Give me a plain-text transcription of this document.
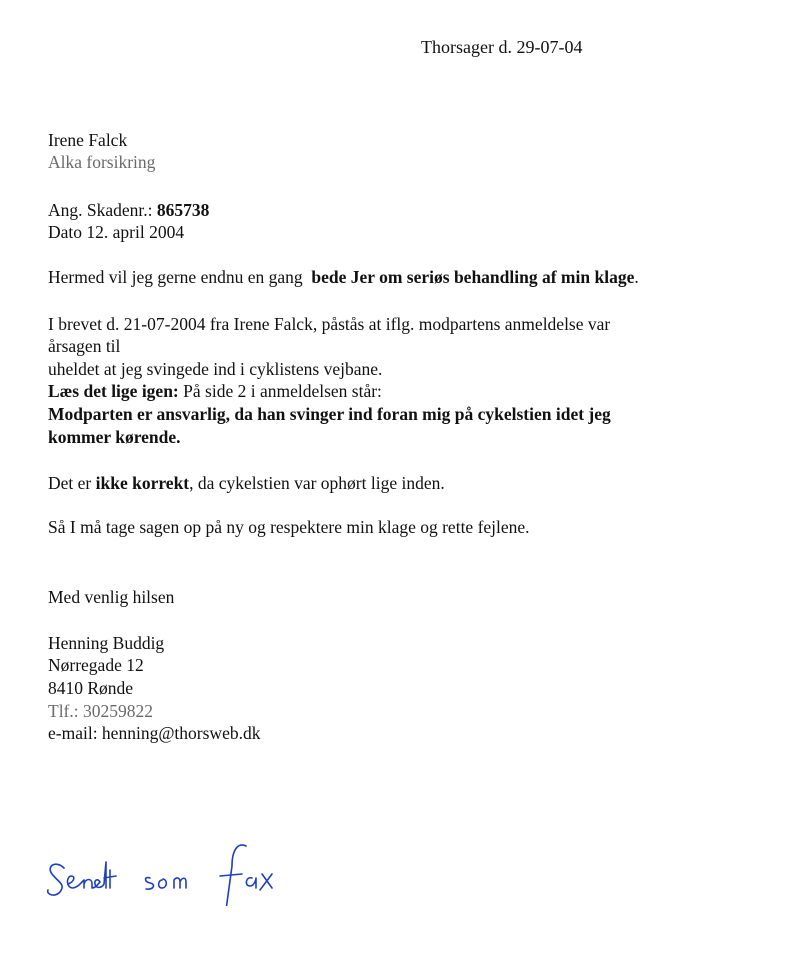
Thorsager d. 29-07-04
Irene Falck
Alka forsikring
Ang. Skadenr.: 865738
Dato 12. april 2004
Hermed vil jeg gerne endnu en gang  bede Jer om seriøs behandling af min klage.
I brevet d. 21-07-2004 fra Irene Falck, påstås at iflg. modpartens anmeldelse var
årsagen til
uheldet at jeg svingede ind i cyklistens vejbane.
Læs det lige igen: På side 2 i anmeldelsen står:
Modparten er ansvarlig, da han svinger ind foran mig på cykelstien idet jeg
kommer kørende.
Det er ikke korrekt, da cykelstien var ophørt lige inden.
Så I må tage sagen op på ny og respektere min klage og rette fejlene.
Med venlig hilsen
Henning Buddig
Nørregade 12
8410 Rønde
Tlf.: 30259822
e-mail: henning@thorsweb.dk
